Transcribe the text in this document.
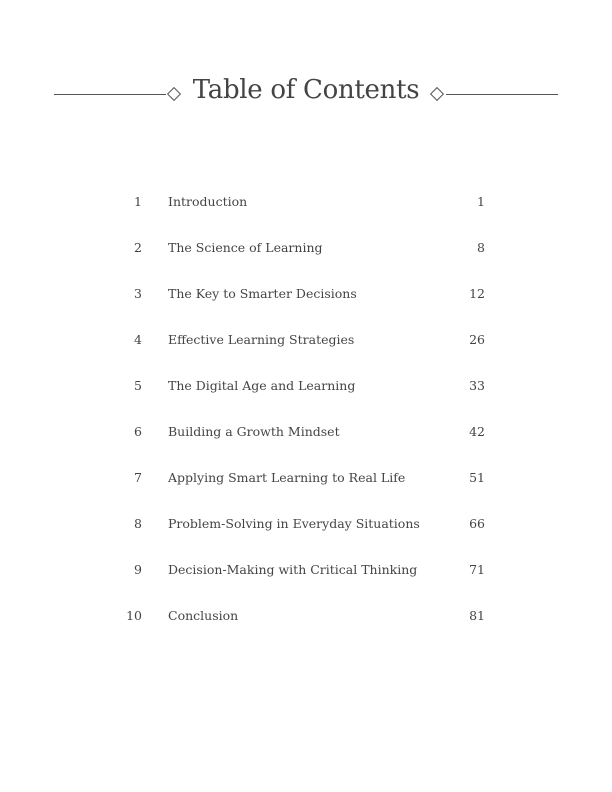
Table of Contents
1 Introduction	1
2 The Science of Learning	8
3 The Key to Smarter Decisions	12
4 Effective Learning Strategies	26
5 The Digital Age and Learning	33
6 Building a Growth Mindset	42
7 Applying Smart Learning to Real Life	51
8 Problem-Solving in Everyday Situations	66
9 Decision-Making with Critical Thinking	71
10 Conclusion	81
